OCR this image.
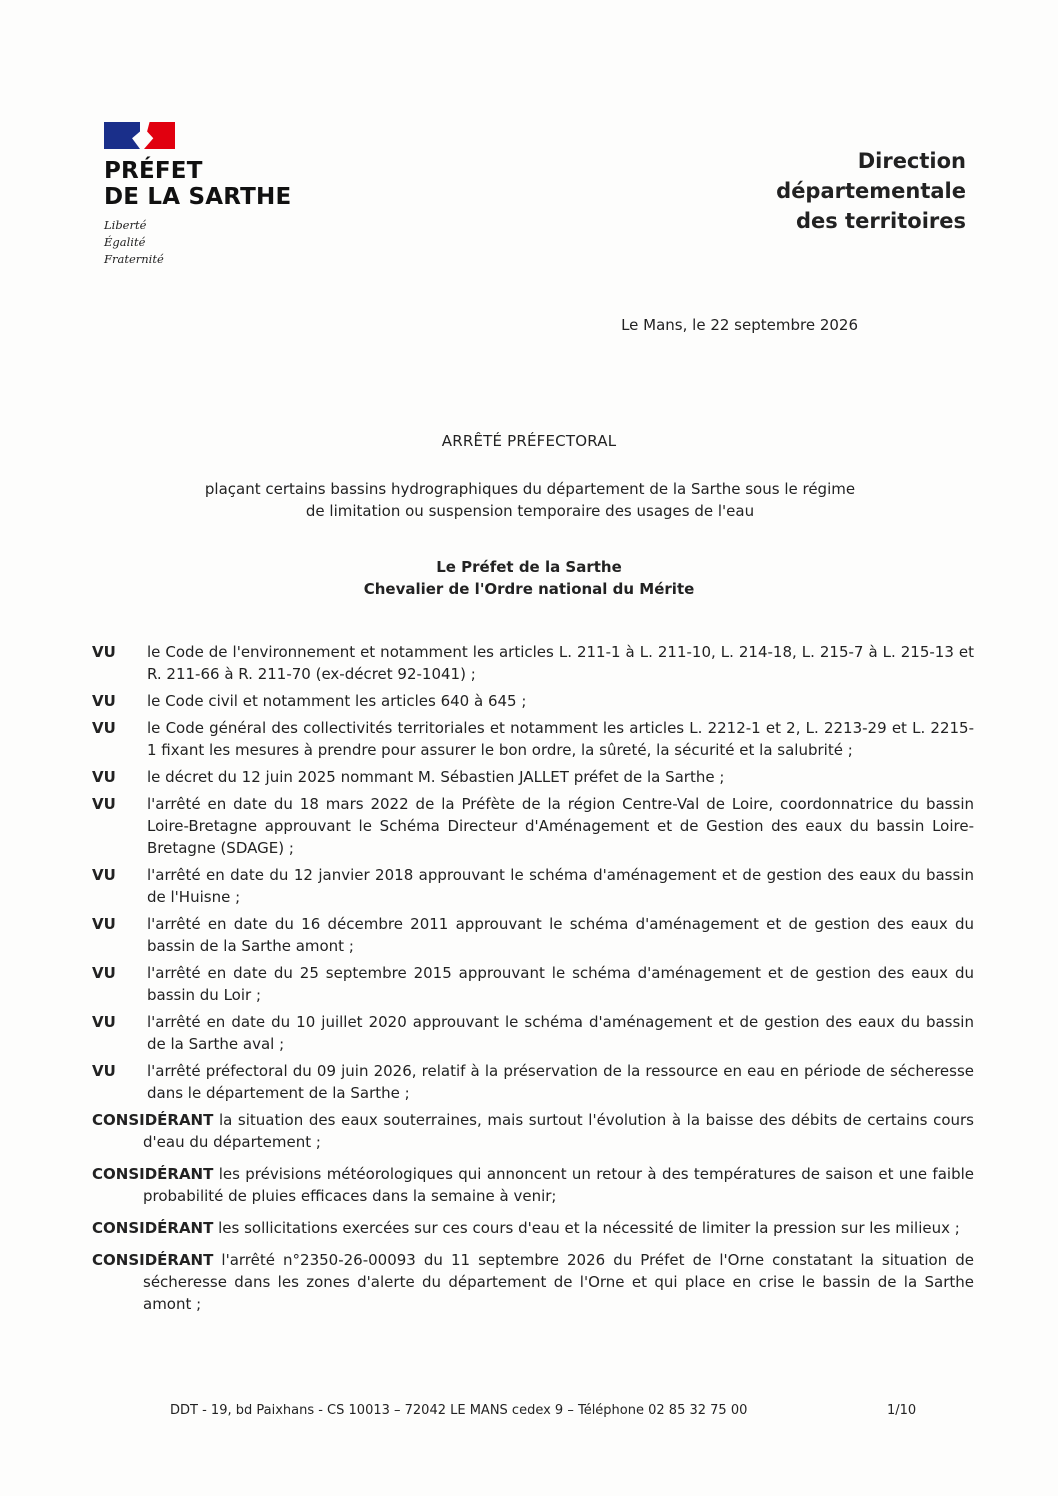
PRÉFET
DE LA SARTHE
Liberté
Égalité
Fraternité
Direction
départementale
des territoires
Le Mans, le 22 septembre 2026
ARRÊTÉ PRÉFECTORAL
plaçant certains bassins hydrographiques du département de la Sarthe sous le régime
de limitation ou suspension temporaire des usages de l'eau
Le Préfet de la Sarthe
Chevalier de l'Ordre national du Mérite
VU	le Code de l'environnement et notamment les articles L. 211-1 à L. 211-10, L. 214-18, L. 215-7 à L. 215-13 et R. 211-66 à R. 211-70 (ex-décret 92-1041) ;
VU	le Code civil et notamment les articles 640 à 645 ;
VU	le Code général des collectivités territoriales et notamment les articles L. 2212-1 et 2, L. 2213-29 et L. 2215-1 fixant les mesures à prendre pour assurer le bon ordre, la sûreté, la sécurité et la salubrité ;
VU	le décret du 12 juin 2025 nommant M. Sébastien JALLET préfet de la Sarthe ;
VU	l'arrêté en date du 18 mars 2022 de la Préfète de la région Centre-Val de Loire, coordonnatrice du bassin Loire-Bretagne approuvant le Schéma Directeur d'Aménagement et de Gestion des eaux du bassin Loire-Bretagne (SDAGE) ;
VU	l'arrêté en date du 12 janvier 2018 approuvant le schéma d'aménagement et de gestion des eaux du bassin de l'Huisne ;
VU	l'arrêté en date du 16 décembre 2011 approuvant le schéma d'aménagement et de gestion des eaux du bassin de la Sarthe amont ;
VU	l'arrêté en date du 25 septembre 2015 approuvant le schéma d'aménagement et de gestion des eaux du bassin du Loir ;
VU	l'arrêté en date du 10 juillet 2020 approuvant le schéma d'aménagement et de gestion des eaux du bassin de la Sarthe aval ;
VU	l'arrêté préfectoral du 09 juin 2026, relatif à la préservation de la ressource en eau en période de sécheresse dans le département de la Sarthe ;
CONSIDÉRANT la situation des eaux souterraines, mais surtout l'évolution à la baisse des débits de certains cours d'eau du département ;
CONSIDÉRANT les prévisions météorologiques qui annoncent un retour à des températures de saison et une faible probabilité de pluies efficaces dans la semaine à venir;
CONSIDÉRANT les sollicitations exercées sur ces cours d'eau et la nécessité de limiter la pression sur les milieux ;
CONSIDÉRANT l'arrêté n°2350-26-00093 du 11 septembre 2026 du Préfet de l'Orne constatant la situation de sécheresse dans les zones d'alerte du département de l'Orne et qui place en crise le bassin de la Sarthe amont ;
DDT - 19, bd Paixhans - CS 10013 – 72042 LE MANS cedex 9 – Téléphone 02 85 32 75 00	1/10
